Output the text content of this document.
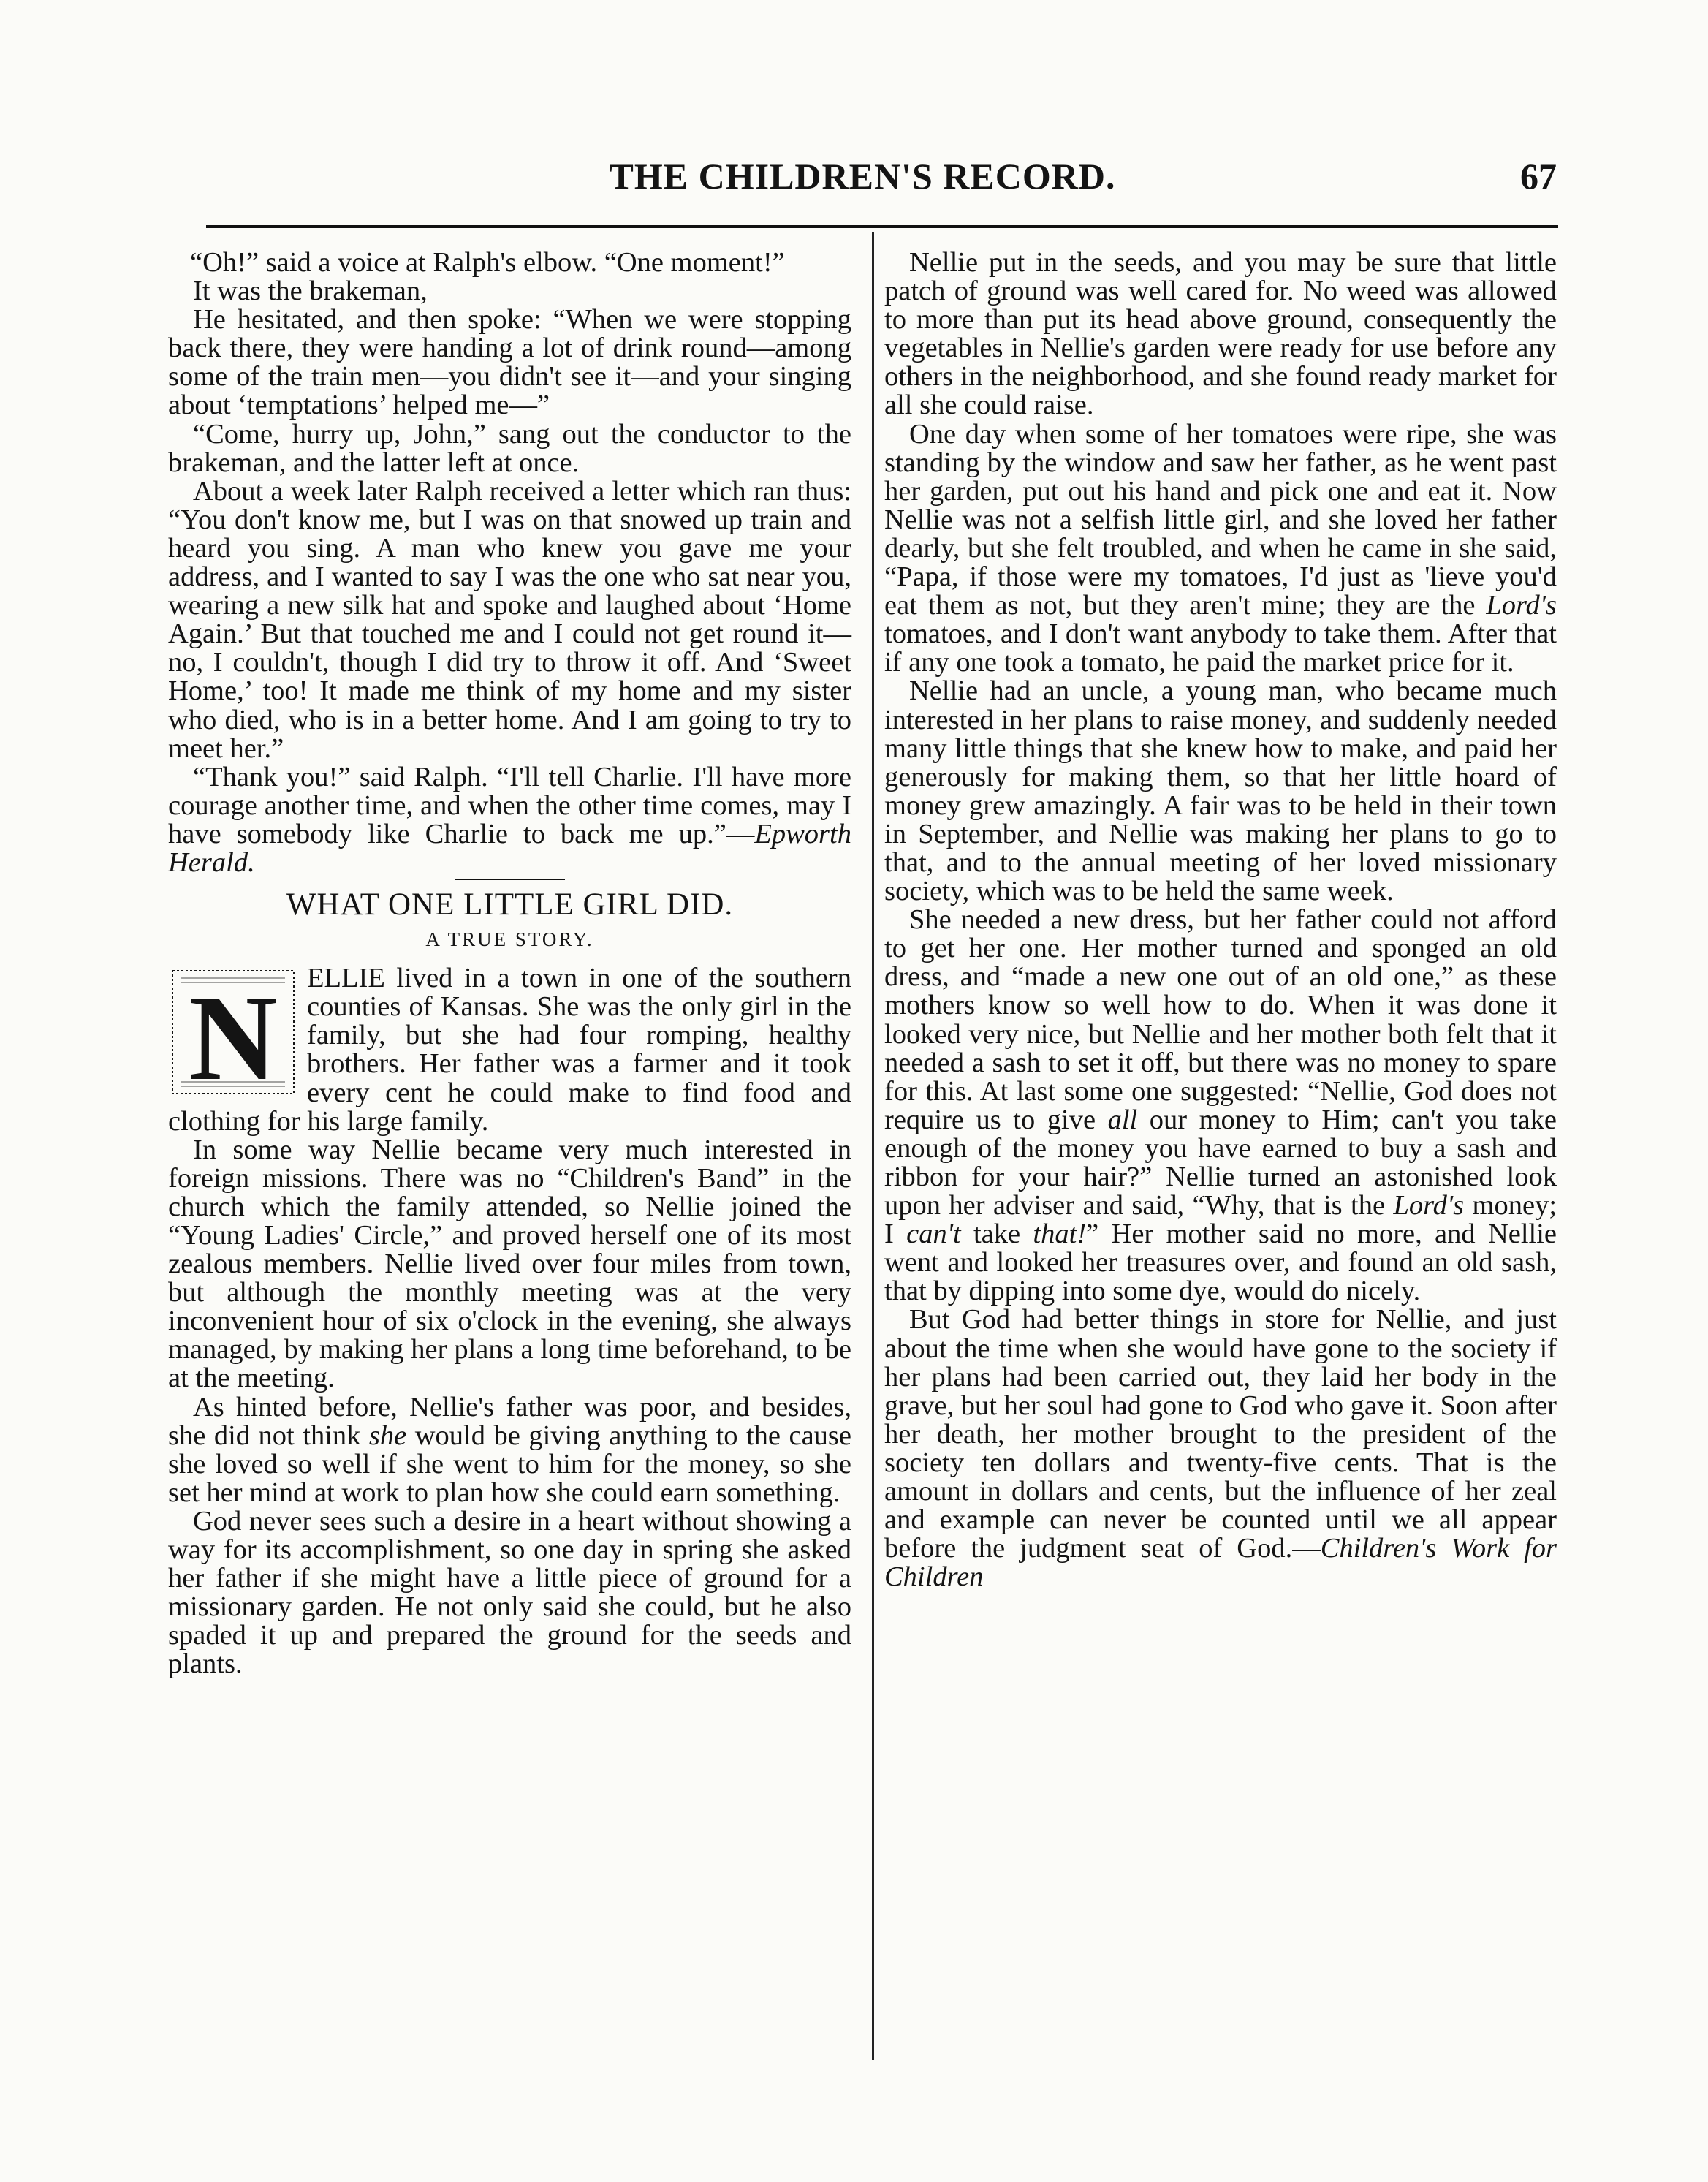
THE CHILDREN'S RECORD.	67

“Oh!” said a voice at Ralph's elbow. “One moment!”

It was the brakeman,

He hesitated, and then spoke: “When we were stopping back there, they were handing a lot of drink round—among some of the train men—you didn't see it—and your singing about ‘temptations’ helped me—”

“Come, hurry up, John,” sang out the conductor to the brakeman, and the latter left at once.

About a week later Ralph received a letter which ran thus: “You don't know me, but I was on that snowed up train and heard you sing. A man who knew you gave me your address, and I wanted to say I was the one who sat near you, wearing a new silk hat and spoke and laughed about ‘Home Again.’ But that touched me and I could not get round it—no, I couldn't, though I did try to throw it off. And ‘Sweet Home,’ too! It made me think of my home and my sister who died, who is in a better home. And I am going to try to meet her.”

“Thank you!” said Ralph. “I'll tell Charlie. I'll have more courage another time, and when the other time comes, may I have somebody like Charlie to back me up.”—Epworth Herald.

WHAT ONE LITTLE GIRL DID.
A TRUE STORY.

N ELLIE lived in a town in one of the southern counties of Kansas. She was the only girl in the family, but she had four romping, healthy brothers. Her father was a farmer and it took every cent he could make to find food and clothing for his large family.

In some way Nellie became very much interested in foreign missions. There was no “Children's Band” in the church which the family attended, so Nellie joined the “Young Ladies' Circle,” and proved herself one of its most zealous members. Nellie lived over four miles from town, but although the monthly meeting was at the very inconvenient hour of six o'clock in the evening, she always managed, by making her plans a long time beforehand, to be at the meeting.

As hinted before, Nellie's father was poor, and besides, she did not think she would be giving anything to the cause she loved so well if she went to him for the money, so she set her mind at work to plan how she could earn something.

God never sees such a desire in a heart without showing a way for its accomplishment, so one day in spring she asked her father if she might have a little piece of ground for a missionary garden. He not only said she could, but he also spaded it up and prepared the ground for the seeds and plants.

Nellie put in the seeds, and you may be sure that little patch of ground was well cared for. No weed was allowed to more than put its head above ground, consequently the vegetables in Nellie's garden were ready for use before any others in the neighborhood, and she found ready market for all she could raise.

One day when some of her tomatoes were ripe, she was standing by the window and saw her father, as he went past her garden, put out his hand and pick one and eat it. Now Nellie was not a selfish little girl, and she loved her father dearly, but she felt troubled, and when he came in she said, “Papa, if those were my tomatoes, I'd just as 'lieve you'd eat them as not, but they aren't mine; they are the Lord's tomatoes, and I don't want anybody to take them. After that if any one took a tomato, he paid the market price for it.

Nellie had an uncle, a young man, who became much interested in her plans to raise money, and suddenly needed many little things that she knew how to make, and paid her generously for making them, so that her little hoard of money grew amazingly. A fair was to be held in their town in September, and Nellie was making her plans to go to that, and to the annual meeting of her loved missionary society, which was to be held the same week.

She needed a new dress, but her father could not afford to get her one. Her mother turned and sponged an old dress, and “made a new one out of an old one,” as these mothers know so well how to do. When it was done it looked very nice, but Nellie and her mother both felt that it needed a sash to set it off, but there was no money to spare for this. At last some one suggested: “Nellie, God does not require us to give all our money to Him; can't you take enough of the money you have earned to buy a sash and ribbon for your hair?” Nellie turned an astonished look upon her adviser and said, “Why, that is the Lord's money; I can't take that!” Her mother said no more, and Nellie went and looked her treasures over, and found an old sash, that by dipping into some dye, would do nicely.

But God had better things in store for Nellie, and just about the time when she would have gone to the society if her plans had been carried out, they laid her body in the grave, but her soul had gone to God who gave it. Soon after her death, her mother brought to the president of the society ten dollars and twenty-five cents. That is the amount in dollars and cents, but the influence of her zeal and example can never be counted until we all appear before the judgment seat of God.—Children's Work for Children
